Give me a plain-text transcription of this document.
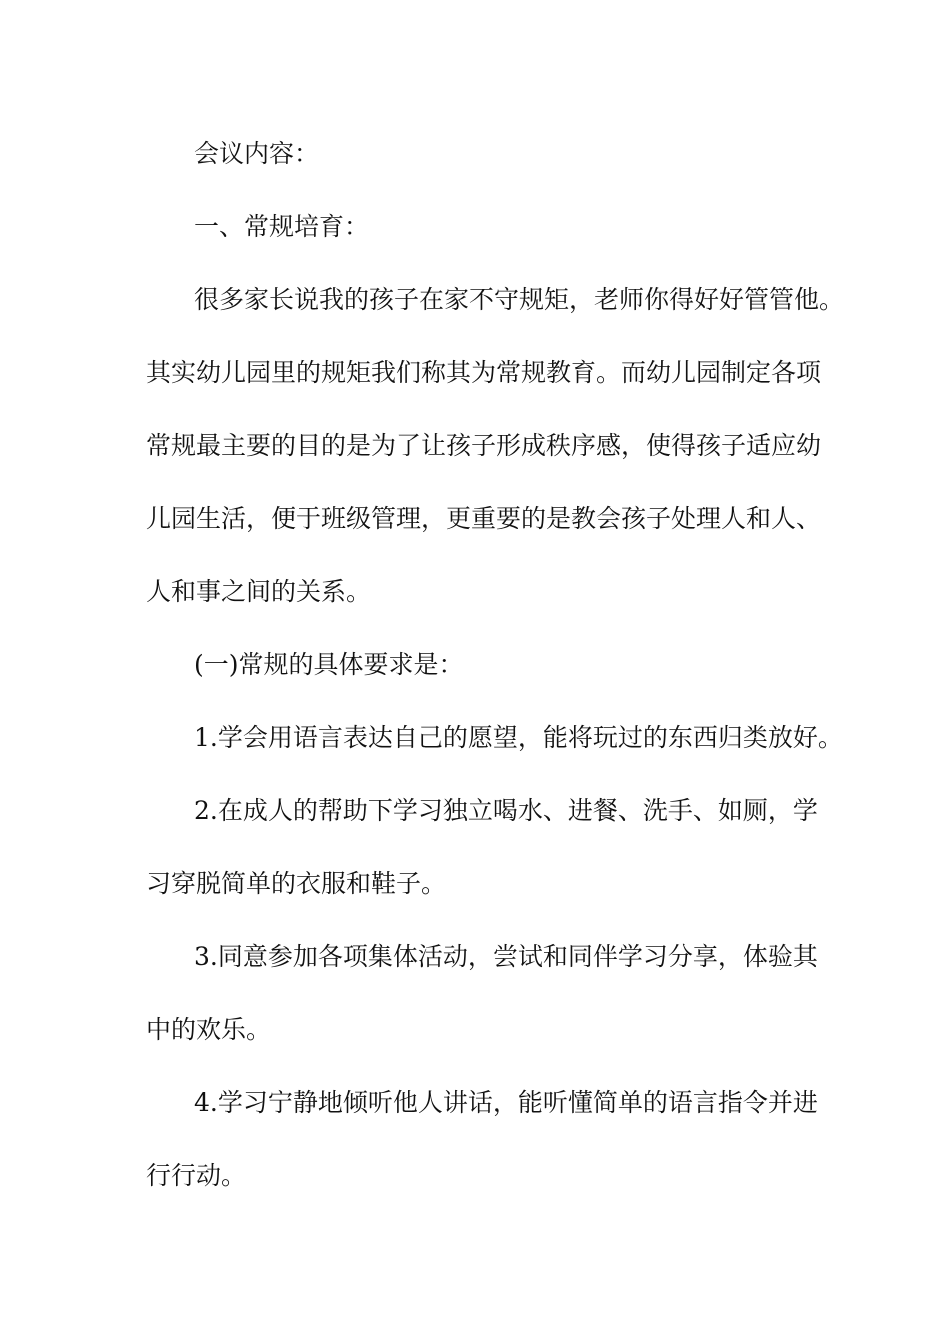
会议内容：
一、常规培育：
很多家长说我的孩子在家不守规矩，老师你得好好管管他。
其实幼儿园里的规矩我们称其为常规教育。而幼儿园制定各项
常规最主要的目的是为了让孩子形成秩序感，使得孩子适应幼
儿园生活，便于班级管理，更重要的是教会孩子处理人和人、
人和事之间的关系。
(一)常规的具体要求是：
1.学会用语言表达自己的愿望，能将玩过的东西归类放好。
2.在成人的帮助下学习独立喝水、进餐、洗手、如厕，学
习穿脱简单的衣服和鞋子。
3.同意参加各项集体活动，尝试和同伴学习分享，体验其
中的欢乐。
4.学习宁静地倾听他人讲话，能听懂简单的语言指令并进
行行动。
